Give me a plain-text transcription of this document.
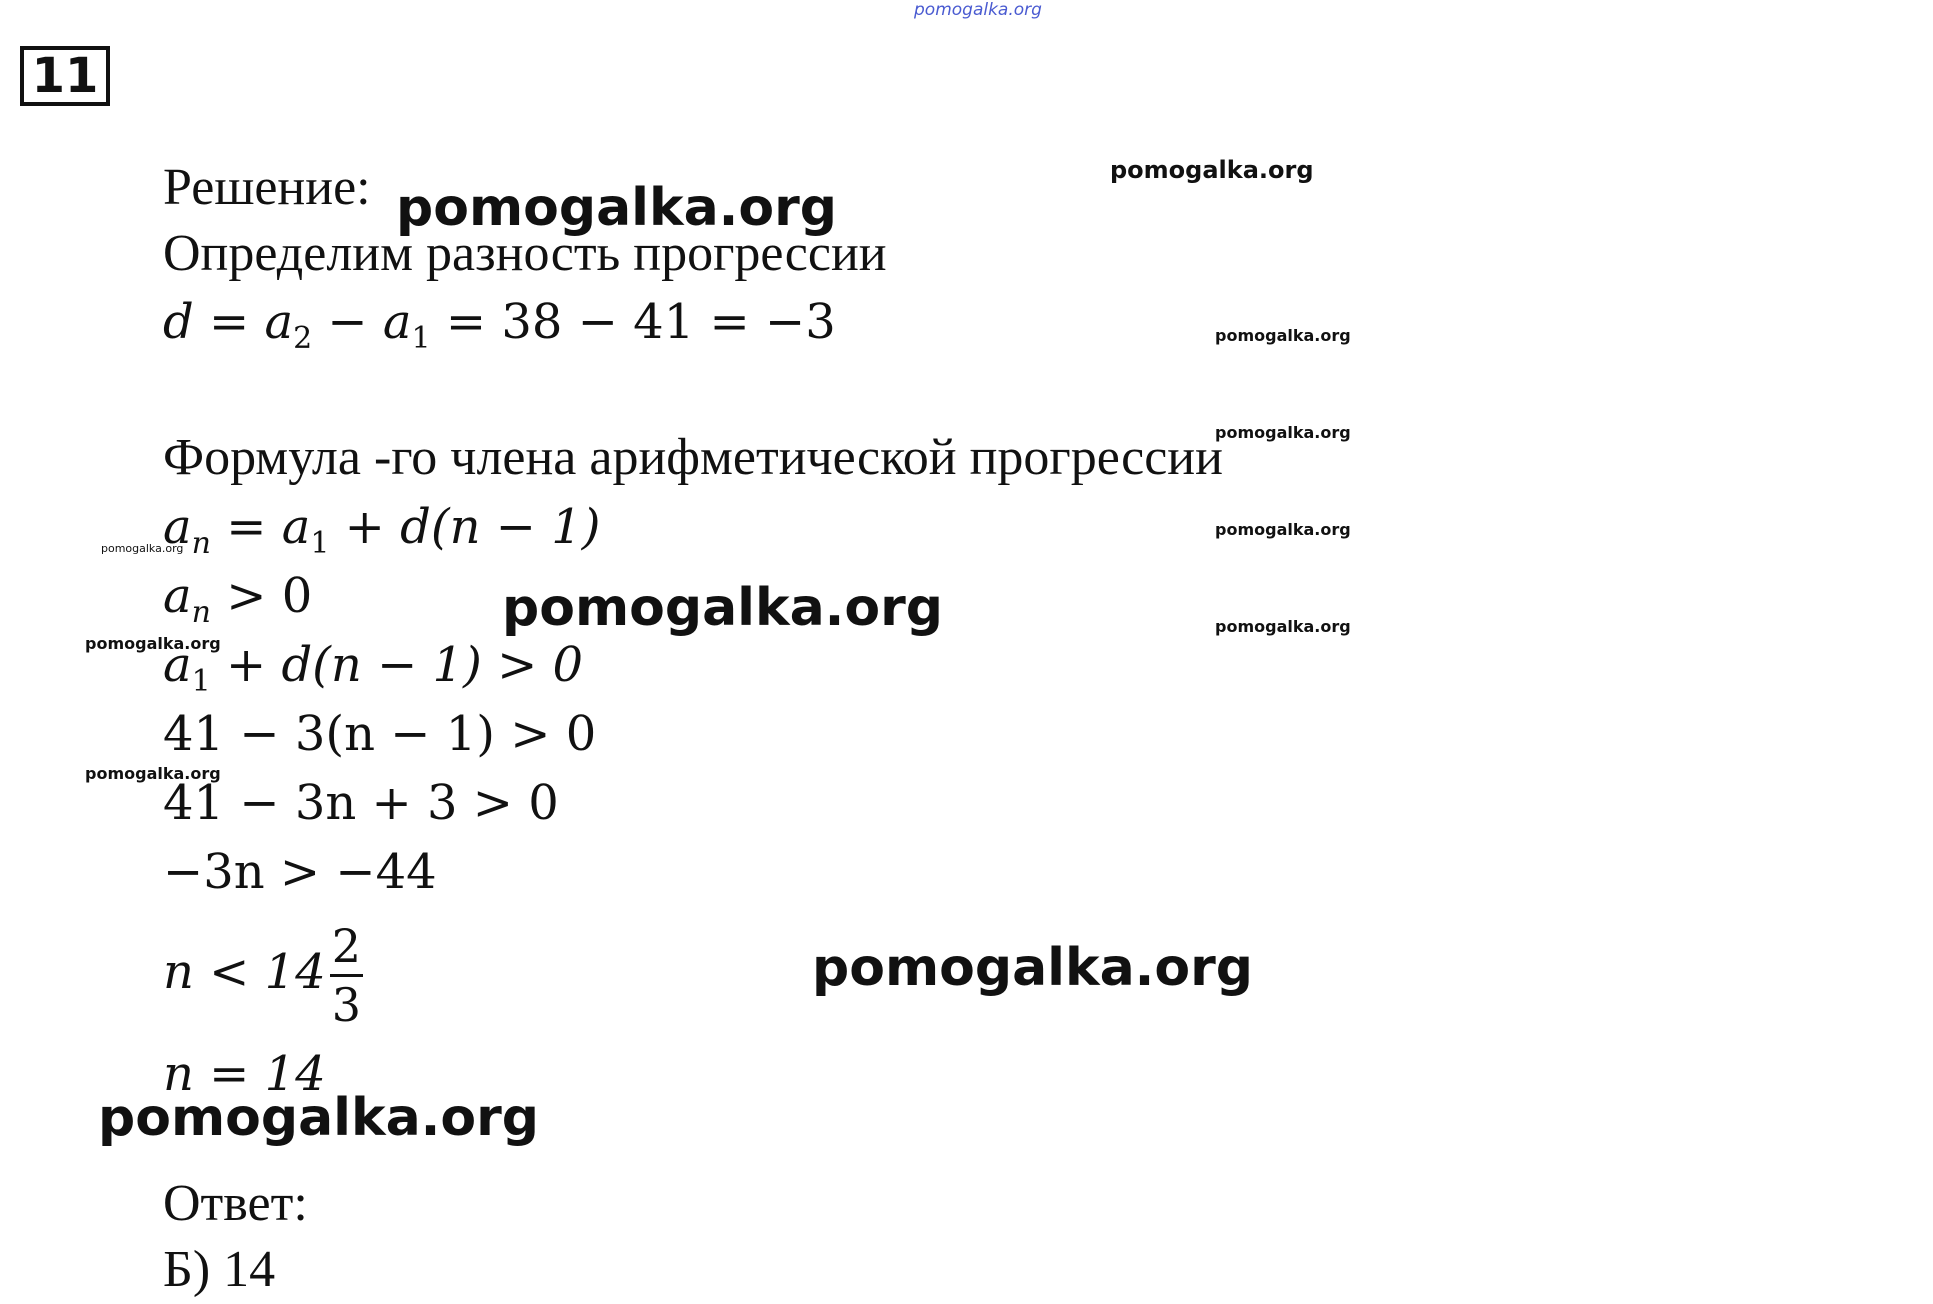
pomogalka.org
11
Решение:
Определим разность прогрессии
$d = a_2 - a_1 = 38 - 41 = -3$
Формула -го члена арифметической прогрессии
$a_n = a_1 + d(n - 1)$
$a_n > 0$
$a_1 + d(n - 1) > 0$
41 − 3(n − 1) > 0
41 − 3n + 3 > 0
−3n > −44
$n < 14 \frac{2}{3}$
n = 14
Ответ:
Б) 14
pomogalka.org
pomogalka.org
pomogalka.org
pomogalka.org
pomogalka.org
pomogalka.org
pomogalka.org
pomogalka.org
pomogalka.org
pomogalka.org
pomogalka.org
pomogalka.org
